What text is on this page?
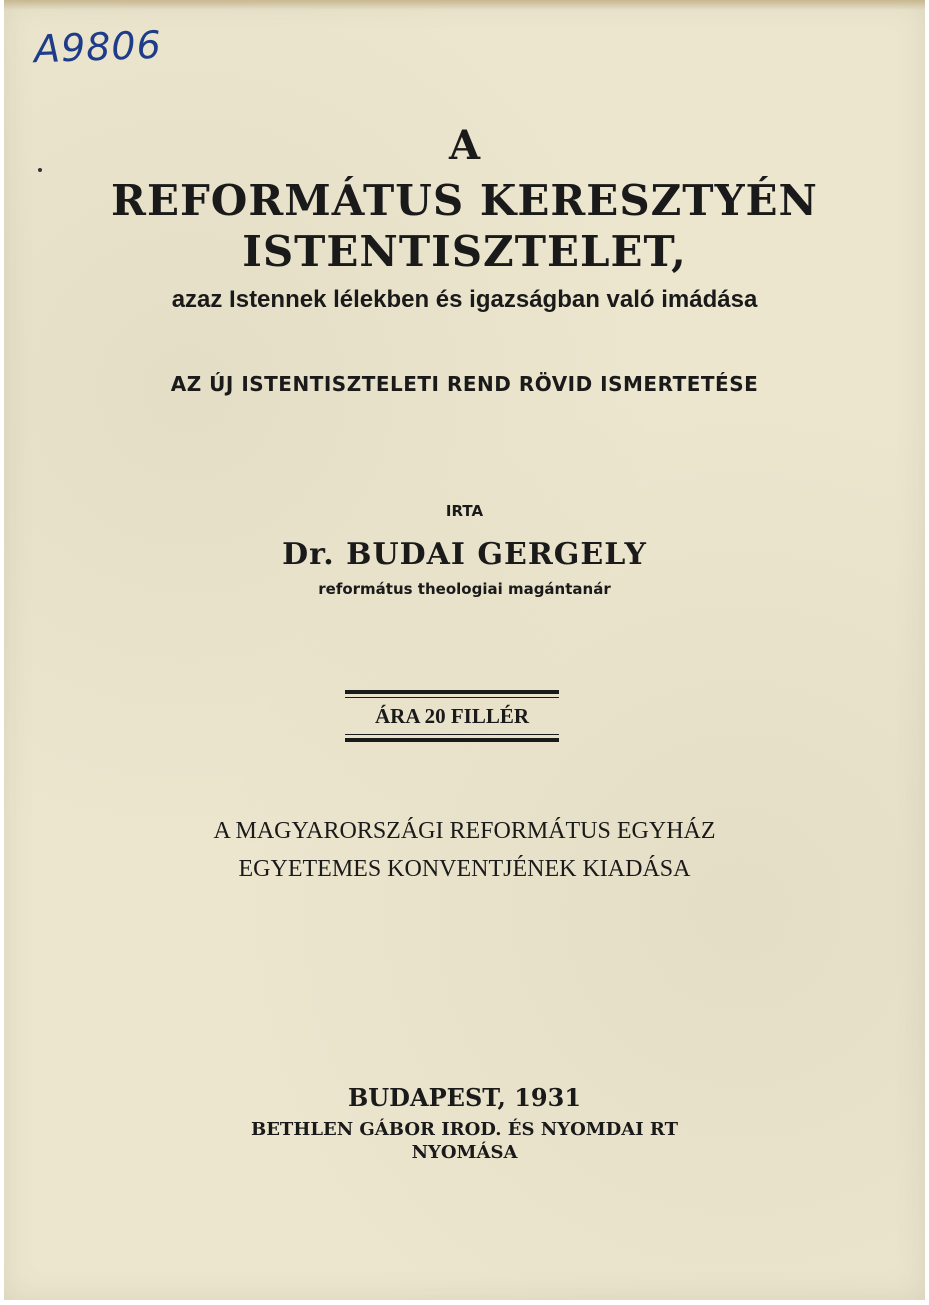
A9806
A
REFORMÁTUS KERESZTYÉN
ISTENTISZTELET,
azaz Istennek lélekben és igazságban való imádása
AZ ÚJ ISTENTISZTELETI REND RÖVID ISMERTETÉSE
IRTA
Dr. BUDAI GERGELY
református theologiai magántanár
ÁRA 20 FILLÉR
A MAGYARORSZÁGI REFORMÁTUS EGYHÁZ
EGYETEMES KONVENTJÉNEK KIADÁSA
BUDAPEST, 1931
BETHLEN GÁBOR IROD. ÉS NYOMDAI RT
NYOMÁSA
